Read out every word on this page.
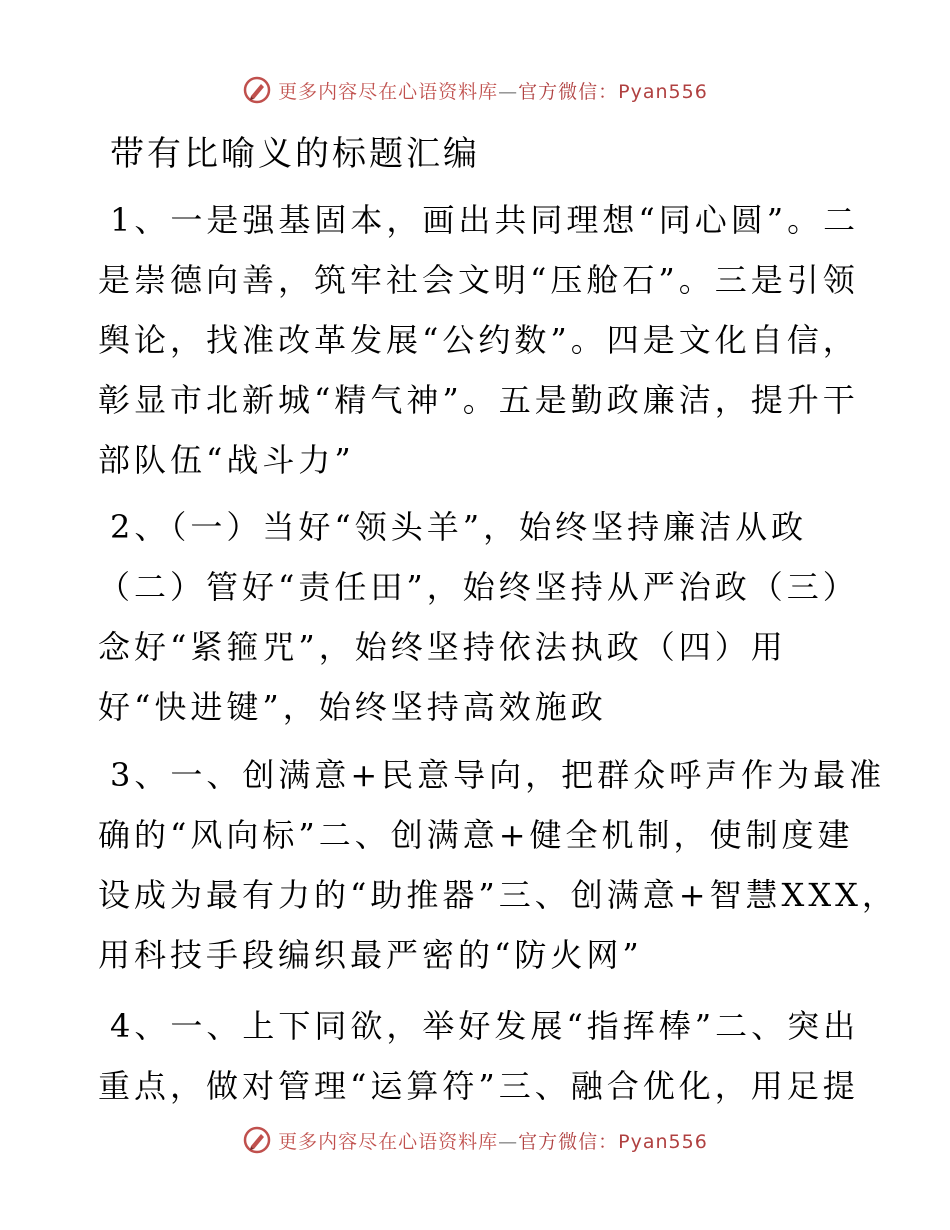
更多内容尽在心语资料库—官方微信：Pyan556
带有比喻义的标题汇编
1、一是强基固本，画出共同理想“同心圆”。二
是崇德向善，筑牢社会文明“压舱石”。三是引领
舆论，找准改革发展“公约数”。四是文化自信，
彰显市北新城“精气神”。五是勤政廉洁，提升干
部队伍“战斗力”
2、（一）当好“领头羊”，始终坚持廉洁从政
（二）管好“责任田”，始终坚持从严治政（三）
念好“紧箍咒”，始终坚持依法执政（四）用
好“快进键”，始终坚持高效施政
3、一、创满意+民意导向，把群众呼声作为最准
确的“风向标”二、创满意+健全机制，使制度建
设成为最有力的“助推器”三、创满意+智慧XXX，
用科技手段编织最严密的“防火网”
4、一、上下同欲，举好发展“指挥棒”二、突出
重点，做对管理“运算符”三、融合优化，用足提
更多内容尽在心语资料库—官方微信：Pyan556
